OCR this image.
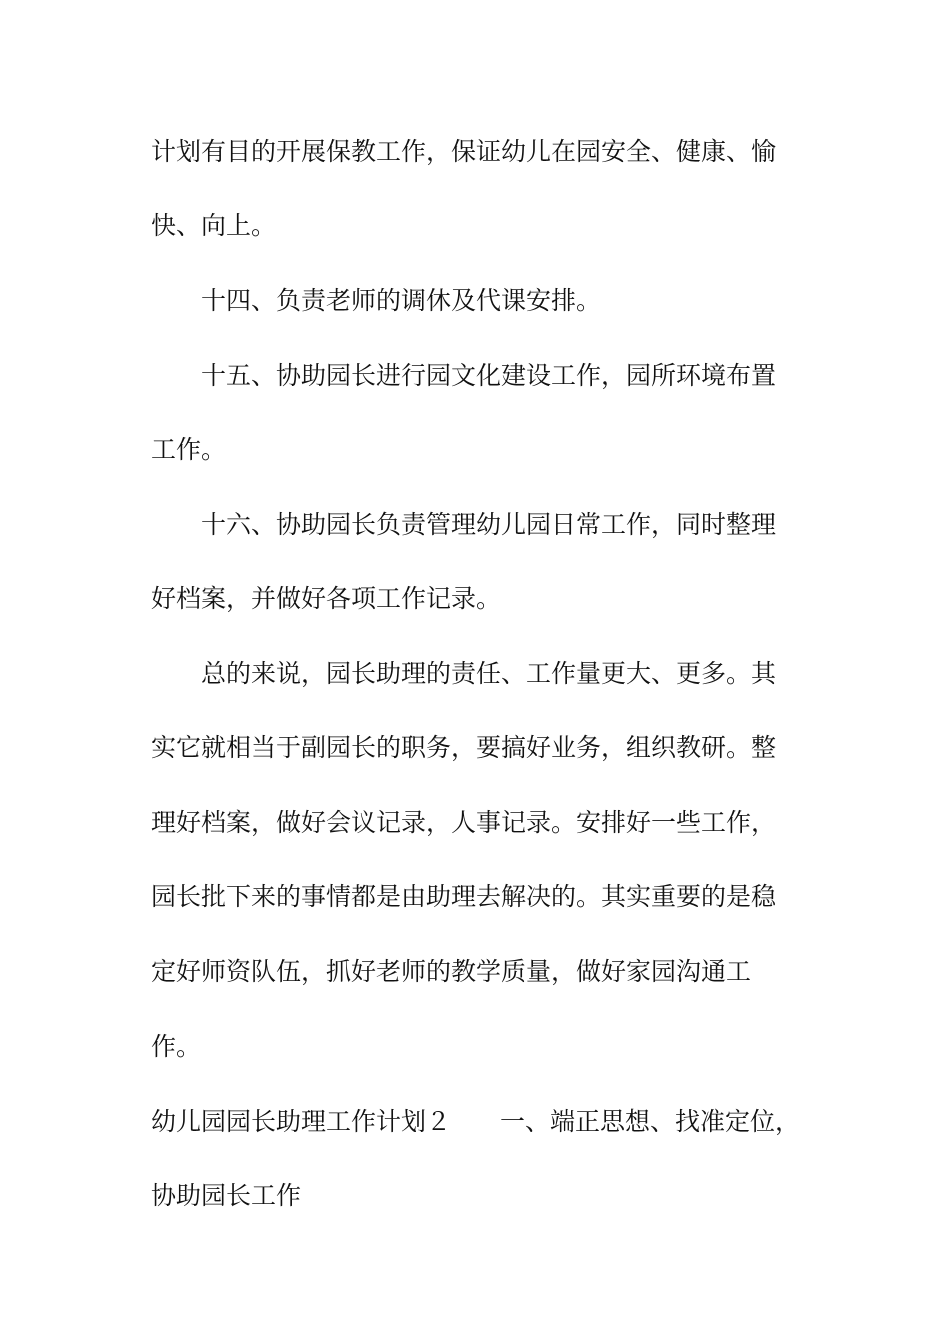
计划有目的开展保教工作，保证幼儿在园安全、健康、愉
快、向上。
十四、负责老师的调休及代课安排。
十五、协助园长进行园文化建设工作，园所环境布置
工作。
十六、协助园长负责管理幼儿园日常工作，同时整理
好档案，并做好各项工作记录。
总的来说，园长助理的责任、工作量更大、更多。其
实它就相当于副园长的职务，要搞好业务，组织教研。整
理好档案，做好会议记录，人事记录。安排好一些工作，
园长批下来的事情都是由助理去解决的。其实重要的是稳
定好师资队伍，抓好老师的教学质量，做好家园沟通工
作。
幼儿园园长助理工作计划２	一、端正思想、找准定位，
协助园长工作
